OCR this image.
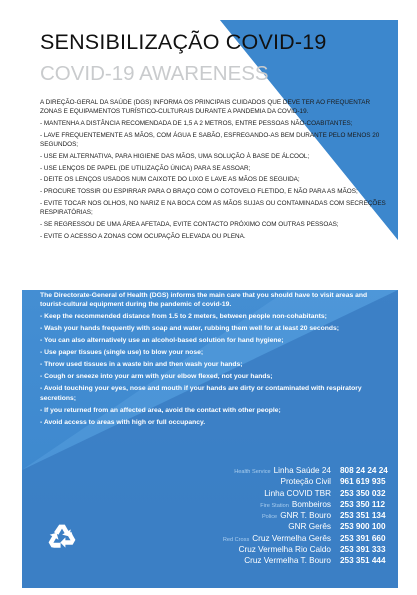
SENSIBILIZAÇÃO COVID-19
COVID-19 AWARENESS

A DIREÇÃO-GERAL DA SAÚDE (DGS) INFORMA OS PRINCIPAIS CUIDADOS QUE DEVE TER AO FREQUENTAR ZONAS E EQUIPAMENTOS TURÍSTICO-CULTURAIS DURANTE A PANDEMIA DA COVID-19.

- MANTENHA A DISTÂNCIA RECOMENDADA DE 1,5 A 2 METROS, ENTRE PESSOAS NÃO-COABITANTES;

- LAVE FREQUENTEMENTE AS MÃOS, COM ÁGUA E SABÃO, ESFREGANDO-AS BEM DURANTE PELO MENOS 20 SEGUNDOS;

- USE EM ALTERNATIVA, PARA HIGIENE DAS MÃOS, UMA SOLUÇÃO À BASE DE ÁLCOOL;

- USE LENÇOS DE PAPEL (DE UTILIZAÇÃO ÚNICA) PARA SE ASSOAR;

- DEITE OS LENÇOS USADOS NUM CAIXOTE DO LIXO E LAVE AS MÃOS DE SEGUIDA;

- PROCURE TOSSIR OU ESPIRRAR PARA O BRAÇO COM O COTOVELO FLETIDO, E NÃO PARA AS MÃOS;

- EVITE TOCAR NOS OLHOS, NO NARIZ E NA BOCA COM AS MÃOS SUJAS OU CONTAMINADAS COM SECREÇÕES RESPIRATÓRIAS;

- SE REGRESSOU DE UMA ÁREA AFETADA, EVITE CONTACTO PRÓXIMO COM OUTRAS PESSOAS;

- EVITE O ACESSO A ZONAS COM OCUPAÇÃO ELEVADA OU PLENA.

The Directorate-General of Health (DGS) informs the main care that you should have to visit areas and tourist-cultural equipment during the pandemic of covid-19.

- Keep the recommended distance from 1.5 to 2 meters, between people non-cohabitants;

- Wash your hands frequently with soap and water, rubbing them well for at least 20 seconds;

- You can also alternatively use an alcohol-based solution for hand hygiene;

- Use paper tissues (single use) to blow your nose;

- Throw used tissues in a waste bin and then wash your hands;

- Cough or sneeze into your arm with your elbow flexed, not your hands;

- Avoid touching your eyes, nose and mouth if your hands are dirty or contaminated with respiratory secretions;

- If you returned from an affected area, avoid the contact with other people;

- Avoid access to areas with high or full occupancy.

Health Service Linha Saúde 24 808 24 24 24
Proteção Civil 961 619 935
Linha COVID TBR 253 350 032
Fire Station Bombeiros 253 350 112
Police GNR T. Bouro 253 351 134
GNR Gerês 253 900 100
Red Cross Cruz Vermelha Gerês 253 391 660
Cruz Vermelha Rio Caldo 253 391 333
Cruz Vermelha T. Bouro 253 351 444
